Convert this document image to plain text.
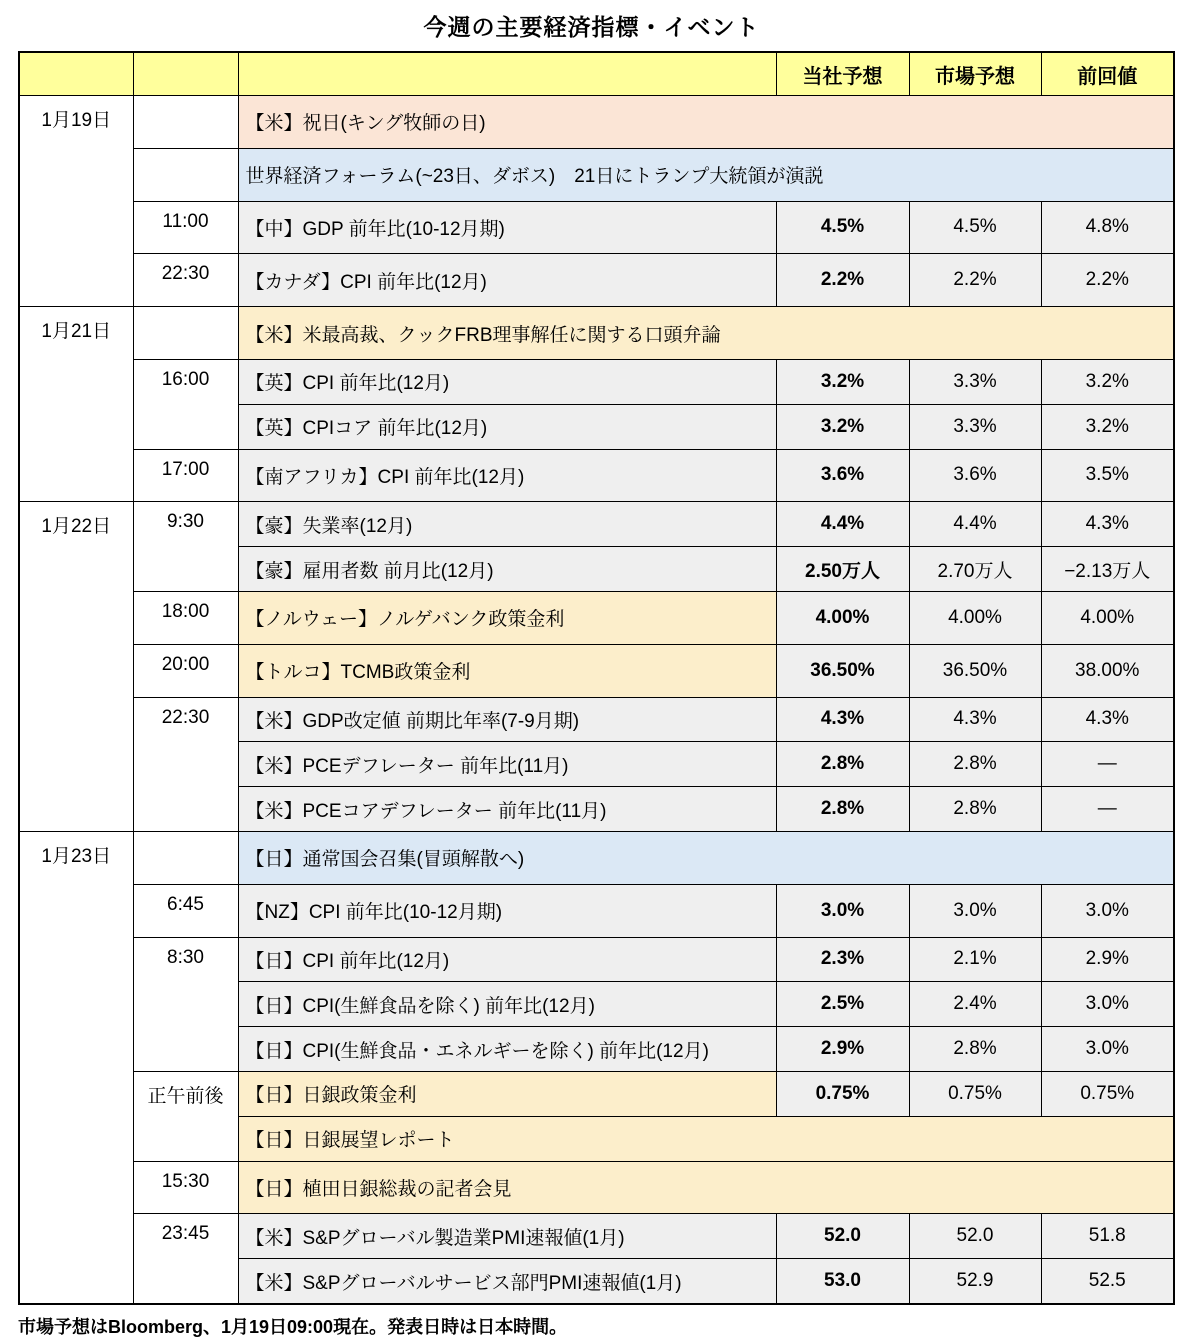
今週の主要経済指標・イベント
			当社予想	市場予想	前回値
1月19日		【米】祝日(キング牧師の日)			
		世界経済フォーラム(~23日、ダボス)　21日にトランプ大統領が演説			
	11:00	【中】GDP 前年比(10-12月期)	4.5%	4.5%	4.8%
	22:30	【カナダ】CPI 前年比(12月)	2.2%	2.2%	2.2%
1月21日		【米】米最高裁、クックFRB理事解任に関する口頭弁論			
	16:00	【英】CPI 前年比(12月)	3.2%	3.3%	3.2%
		【英】CPIコア 前年比(12月)	3.2%	3.3%	3.2%
	17:00	【南アフリカ】CPI 前年比(12月)	3.6%	3.6%	3.5%
1月22日	9:30	【豪】失業率(12月)	4.4%	4.4%	4.3%
		【豪】雇用者数 前月比(12月)	2.50万人	2.70万人	−2.13万人
	18:00	【ノルウェー】ノルゲバンク政策金利	4.00%	4.00%	4.00%
	20:00	【トルコ】TCMB政策金利	36.50%	36.50%	38.00%
	22:30	【米】GDP改定値 前期比年率(7-9月期)	4.3%	4.3%	4.3%
		【米】PCEデフレーター 前年比(11月)	2.8%	2.8%	—
		【米】PCEコアデフレーター 前年比(11月)	2.8%	2.8%	—
1月23日		【日】通常国会召集(冒頭解散へ)			
	6:45	【NZ】CPI 前年比(10-12月期)	3.0%	3.0%	3.0%
	8:30	【日】CPI 前年比(12月)	2.3%	2.1%	2.9%
		【日】CPI(生鮮食品を除く) 前年比(12月)	2.5%	2.4%	3.0%
		【日】CPI(生鮮食品・エネルギーを除く) 前年比(12月)	2.9%	2.8%	3.0%
	正午前後	【日】日銀政策金利	0.75%	0.75%	0.75%
		【日】日銀展望レポート			
	15:30	【日】植田日銀総裁の記者会見			
	23:45	【米】S&Pグローバル製造業PMI速報値(1月)	52.0	52.0	51.8
		【米】S&Pグローバルサービス部門PMI速報値(1月)	53.0	52.9	52.5
市場予想はBloomberg、1月19日09:00現在。発表日時は日本時間。
